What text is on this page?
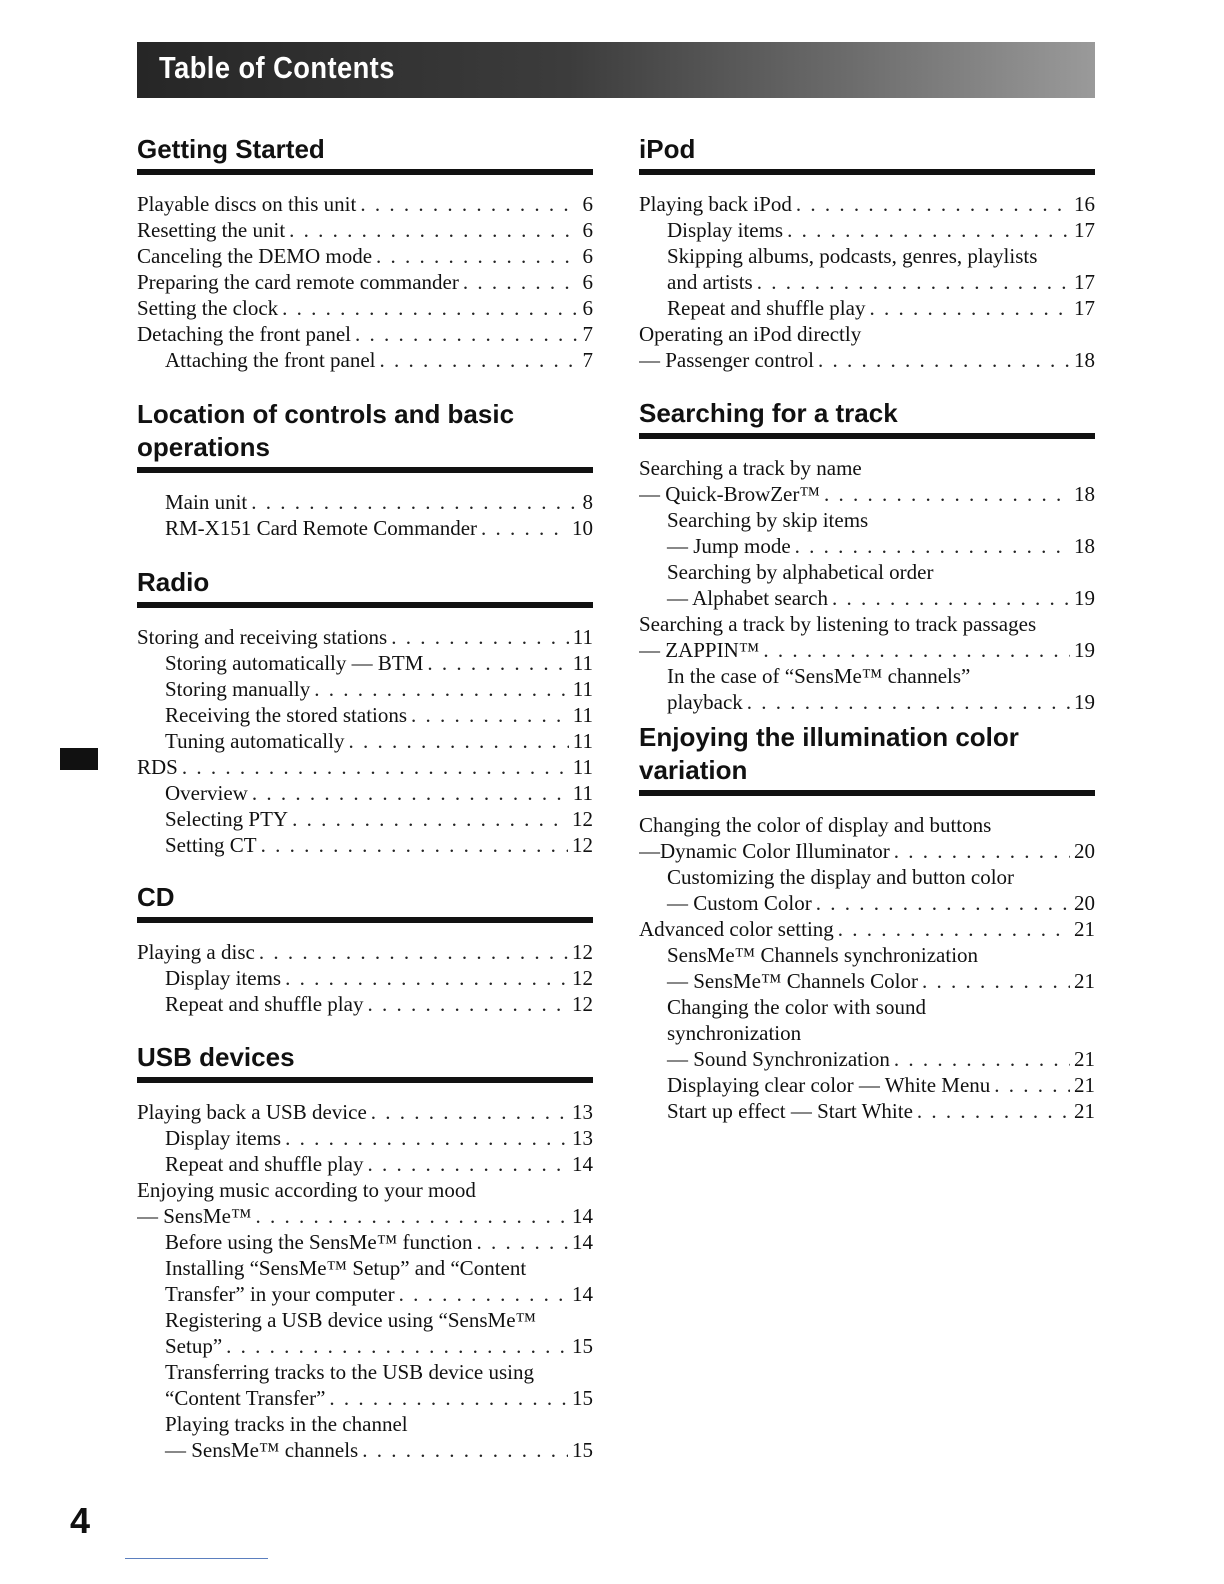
Table of Contents
Getting Started
Playable discs on this unit . . .	6
Resetting the unit . . .	6
Canceling the DEMO mode . . .	6
Preparing the card remote commander . . .	6
Setting the clock . . .	6
Detaching the front panel . . .	7
Attaching the front panel . . .	7
Location of controls and basic
operations
Main unit . . .	8
RM-X151 Card Remote Commander . . .	10
Radio
Storing and receiving stations . . .	11
Storing automatically — BTM . . .	11
Storing manually . . .	11
Receiving the stored stations . . .	11
Tuning automatically . . .	11
RDS . . .	11
Overview . . .	11
Selecting PTY . . .	12
Setting CT . . .	12
CD
Playing a disc . . .	12
Display items . . .	12
Repeat and shuffle play . . .	12
USB devices
Playing back a USB device . . .	13
Display items . . .	13
Repeat and shuffle play . . .	14
Enjoying music according to your mood
— SensMe™ . . .	14
Before using the SensMe™ function . . .	14
Installing “SensMe™ Setup” and “Content
Transfer” in your computer . . .	14
Registering a USB device using “SensMe™
Setup” . . .	15
Transferring tracks to the USB device using
“Content Transfer” . . .	15
Playing tracks in the channel
— SensMe™ channels . . .	15
iPod
Playing back iPod . . .	16
Display items . . .	17
Skipping albums, podcasts, genres, playlists
and artists . . .	17
Repeat and shuffle play . . .	17
Operating an iPod directly
— Passenger control . . .	18
Searching for a track
Searching a track by name
— Quick-BrowZer™ . . .	18
Searching by skip items
— Jump mode . . .	18
Searching by alphabetical order
— Alphabet search . . .	19
Searching a track by listening to track passages
— ZAPPIN™ . . .	19
In the case of “SensMe™ channels”
playback . . .	19
Enjoying the illumination color
variation
Changing the color of display and buttons
—Dynamic Color Illuminator . . .	20
Customizing the display and button color
— Custom Color . . .	20
Advanced color setting . . .	21
SensMe™ Channels synchronization
— SensMe™ Channels Color . . .	21
Changing the color with sound
synchronization
— Sound Synchronization . . .	21
Displaying clear color — White Menu . . .	21
Start up effect — Start White . . .	21
4
